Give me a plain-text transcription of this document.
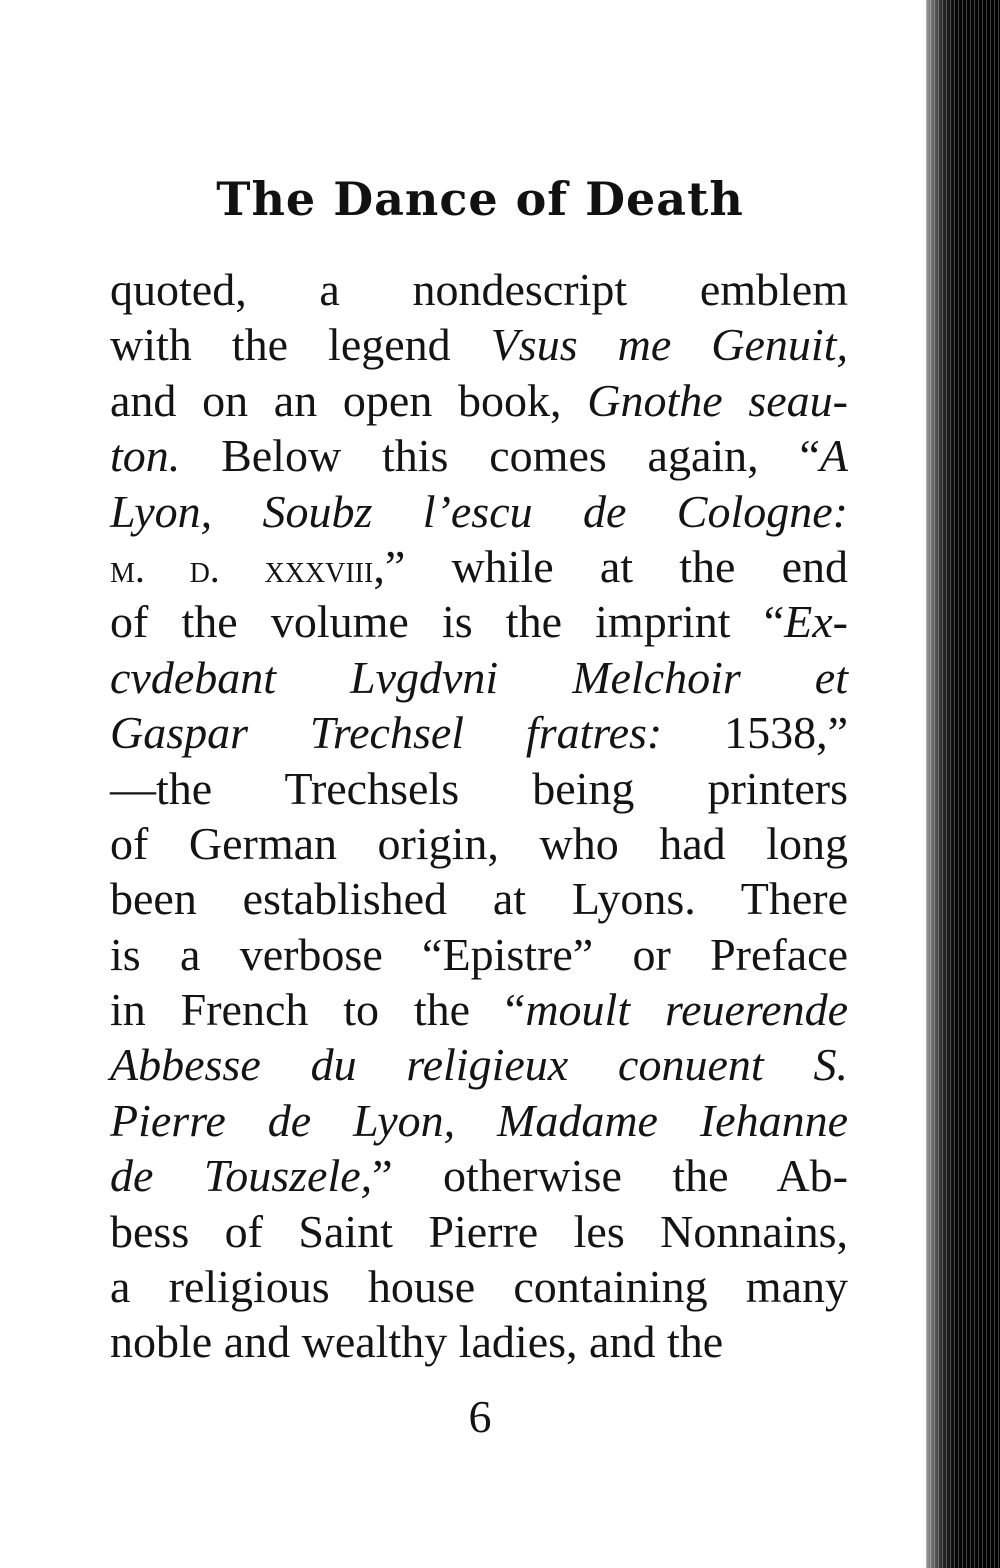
The Dance of Death
quoted, a nondescript emblem
with the legend Vsus me Genuit,
and on an open book, Gnothe seau-
ton. Below this comes again, “A
Lyon, Soubz l’escu de Cologne:
m. d. xxxviii,” while at the end
of the volume is the imprint “Ex-
cvdebant Lvgdvni Melchoir et
Gaspar Trechsel fratres: 1538,”
—the Trechsels being printers
of German origin, who had long
been established at Lyons. There
is a verbose “Epistre” or Preface
in French to the “moult reuerende
Abbesse du religieux conuent S.
Pierre de Lyon, Madame Iehanne
de Touszele,” otherwise the Ab-
bess of Saint Pierre les Nonnains,
a religious house containing many
noble and wealthy ladies, and the
6
